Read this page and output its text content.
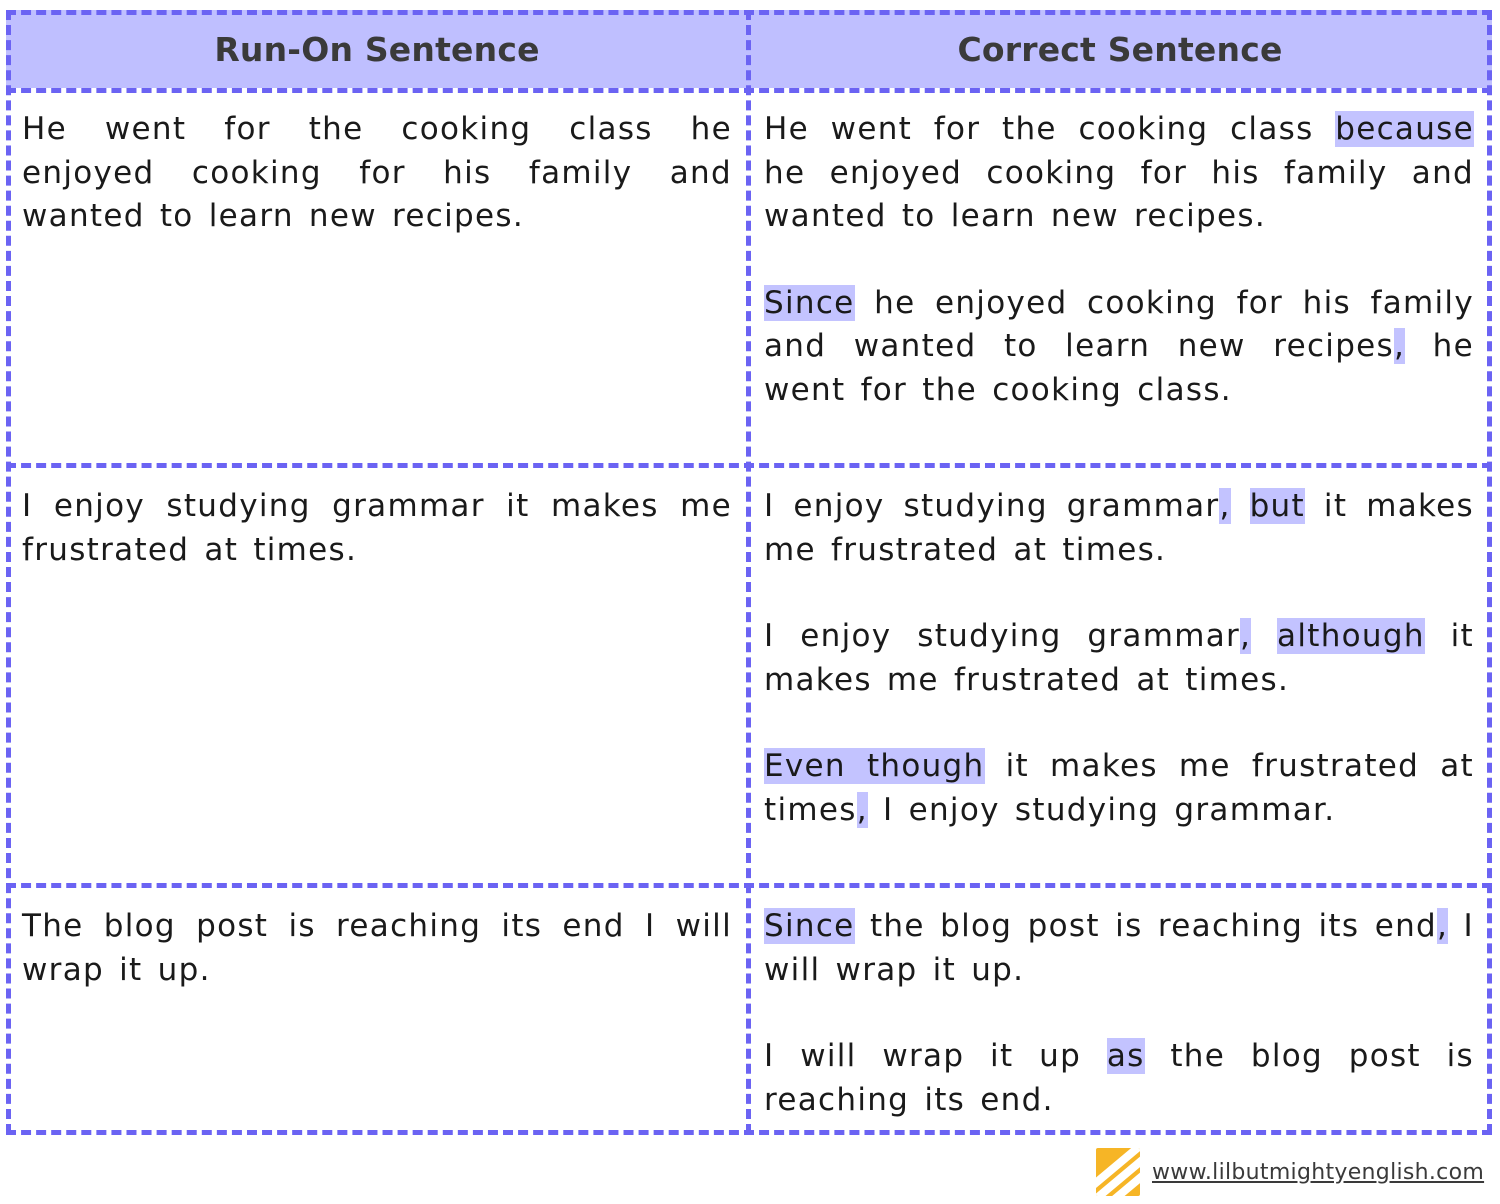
Run-On Sentence	Correct Sentence

He went for the cooking class he enjoyed cooking for his family and wanted to learn new recipes.

He went for the cooking class because he enjoyed cooking for his family and wanted to learn new recipes.

Since he enjoyed cooking for his family and wanted to learn new recipes, he went for the cooking class.

I enjoy studying grammar it makes me frustrated at times.

I enjoy studying grammar, but it makes me frustrated at times.

I enjoy studying grammar, although it makes me frustrated at times.

Even though it makes me frustrated at times, I enjoy studying grammar.

The blog post is reaching its end I will wrap it up.

Since the blog post is reaching its end, I will wrap it up.

I will wrap it up as the blog post is reaching its end.

www.lilbutmightyenglish.com
